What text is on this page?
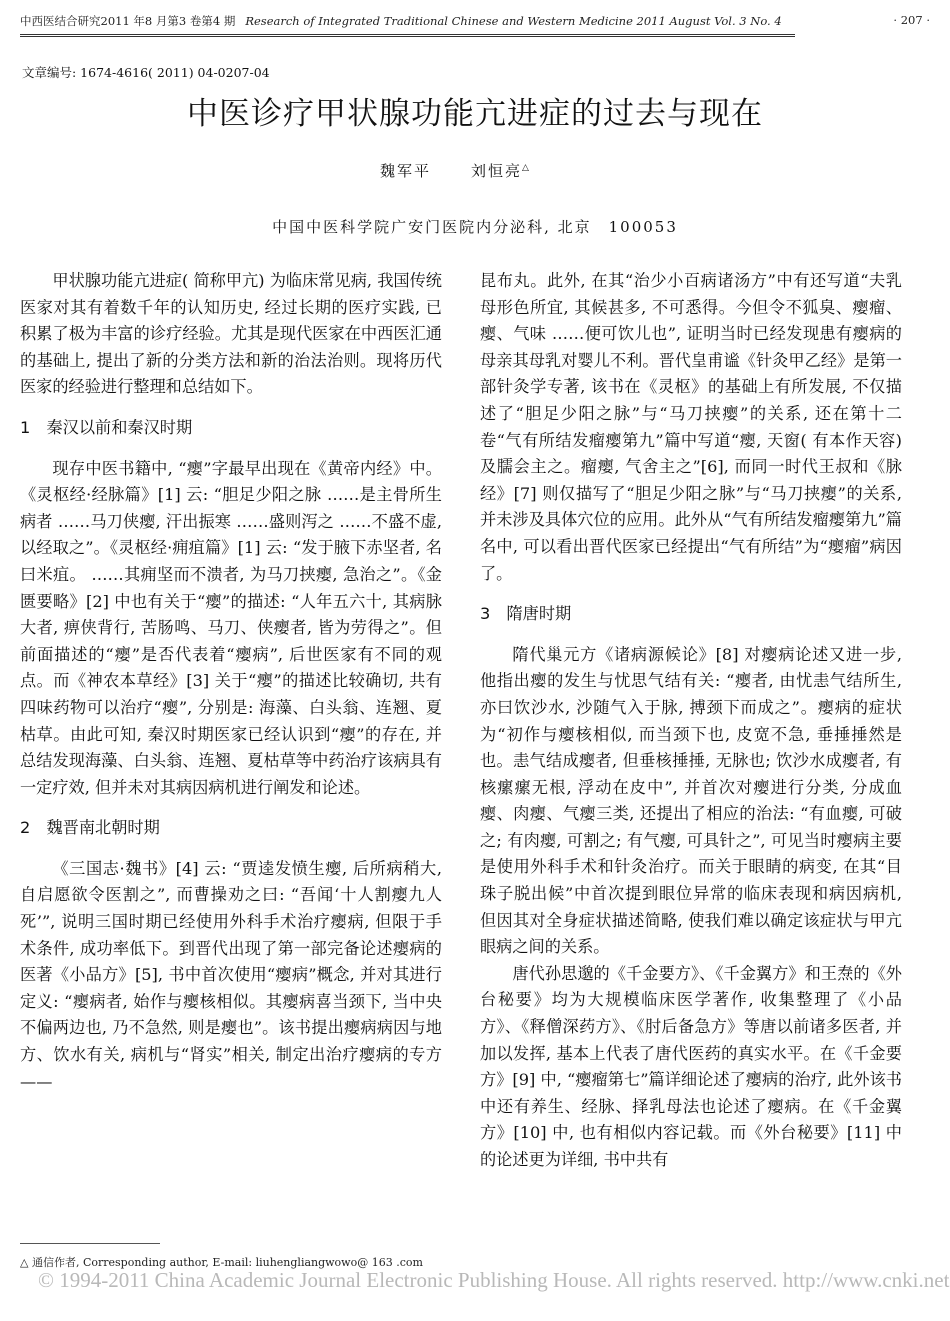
中西医结合研究2011 年8 月第3 卷第4 期 Research of Integrated Traditional Chinese and Western Medicine 2011 August Vol. 3 No. 4	· 207 ·
文章编号: 1674-4616( 2011) 04-0207-04
中医诊疗甲状腺功能亢进症的过去与现在
魏军平	刘恒亮△
中国中医科学院广安门医院内分泌科, 北京　100053

甲状腺功能亢进症( 简称甲亢) 为临床常见病, 我国传统医家对其有着数千年的认知历史, 经过长期的医疗实践, 已积累了极为丰富的诊疗经验。尤其是现代医家在中西医汇通的基础上, 提出了新的分类方法和新的治法治则。现将历代医家的经验进行整理和总结如下。

1　秦汉以前和秦汉时期

现存中医书籍中, “瘿”字最早出现在《黄帝内经》中。《灵枢经·经脉篇》[1] 云: “胆足少阳之脉 ……是主骨所生病者 ……马刀侠瘿, 汗出振寒 ……盛则泻之 ……不盛不虚, 以经取之”。《灵枢经·痈疽篇》[1] 云: “发于腋下赤坚者, 名曰米疽。 ……其痈坚而不溃者, 为马刀挟瘿, 急治之”。《金匮要略》[2] 中也有关于“瘿”的描述: “人年五六十, 其病脉大者, 痹侠背行, 苦肠鸣、马刀、侠瘿者, 皆为劳得之”。但前面描述的“瘿”是否代表着“瘿病”, 后世医家有不同的观点。而《神农本草经》[3] 关于“瘿”的描述比较确切, 共有四味药物可以治疗“瘿”, 分别是: 海藻、白头翁、连翘、夏枯草。由此可知, 秦汉时期医家已经认识到“瘿”的存在, 并总结发现海藻、白头翁、连翘、夏枯草等中药治疗该病具有一定疗效, 但并未对其病因病机进行阐发和论述。

2　魏晋南北朝时期

《三国志·魏书》[4] 云: “贾逵发愤生瘿, 后所病稍大, 自启愿欲令医割之”, 而曹操劝之曰: “吾闻‘十人割瘿九人死’”, 说明三国时期已经使用外科手术治疗瘿病, 但限于手术条件, 成功率低下。到晋代出现了第一部完备论述瘿病的医著《小品方》[5], 书中首次使用“瘿病”概念, 并对其进行定义: “瘿病者, 始作与瘿核相似。其瘿病喜当颈下, 当中央不偏两边也, 乃不急然, 则是瘿也”。该书提出瘿病病因与地方、饮水有关, 病机与“肾实”相关, 制定出治疗瘿病的专方——

昆布丸。此外, 在其“治少小百病诸汤方”中有还写道“夫乳母形色所宜, 其候甚多, 不可悉得。今但令不狐臭、瘿瘤、瘿、气味 ……便可饮儿也”, 证明当时已经发现患有瘿病的母亲其母乳对婴儿不利。晋代皇甫谧《针灸甲乙经》是第一部针灸学专著, 该书在《灵枢》的基础上有所发展, 不仅描述了“胆足少阳之脉”与“马刀挟瘿”的关系, 还在第十二卷“气有所结发瘤瘿第九”篇中写道“瘿, 天窗( 有本作天容) 及臑会主之。瘤瘿, 气舍主之”[6], 而同一时代王叔和《脉经》[7] 则仅描写了“胆足少阳之脉”与“马刀挟瘿”的关系, 并未涉及具体穴位的应用。此外从“气有所结发瘤瘿第九”篇名中, 可以看出晋代医家已经提出“气有所结”为“瘿瘤”病因了。

3　隋唐时期

隋代巢元方《诸病源候论》[8] 对瘿病论述又进一步, 他指出瘿的发生与忧思气结有关: “瘿者, 由忧恚气结所生, 亦曰饮沙水, 沙随气入于脉, 搏颈下而成之”。瘿病的症状为“初作与瘿核相似, 而当颈下也, 皮宽不急, 垂捶捶然是也。恚气结成瘿者, 但垂核捶捶, 无脉也; 饮沙水成瘿者, 有核瘰瘰无根, 浮动在皮中”, 并首次对瘿进行分类, 分成血瘿、肉瘿、气瘿三类, 还提出了相应的治法: “有血瘿, 可破之; 有肉瘿, 可割之; 有气瘿, 可具针之”, 可见当时瘿病主要是使用外科手术和针灸治疗。而关于眼睛的病变, 在其“目珠子脱出候”中首次提到眼位异常的临床表现和病因病机, 但因其对全身症状描述简略, 使我们难以确定该症状与甲亢眼病之间的关系。

唐代孙思邈的《千金要方》、《千金翼方》和王焘的《外台秘要》均为大规模临床医学著作, 收集整理了《小品方》、《释僧深药方》、《肘后备急方》等唐以前诸多医者, 并加以发挥, 基本上代表了唐代医药的真实水平。在《千金要方》[9] 中, “瘿瘤第七”篇详细论述了瘿病的治疗, 此外该书中还有养生、经脉、择乳母法也论述了瘿病。在《千金翼方》[10] 中, 也有相似内容记载。而《外台秘要》[11] 中的论述更为详细, 书中共有

△ 通信作者, Corresponding author, E-mail: liuhengliangwowo@ 163 .com
© 1994-2011 China Academic Journal Electronic Publishing House. All rights reserved. http://www.cnki.net
